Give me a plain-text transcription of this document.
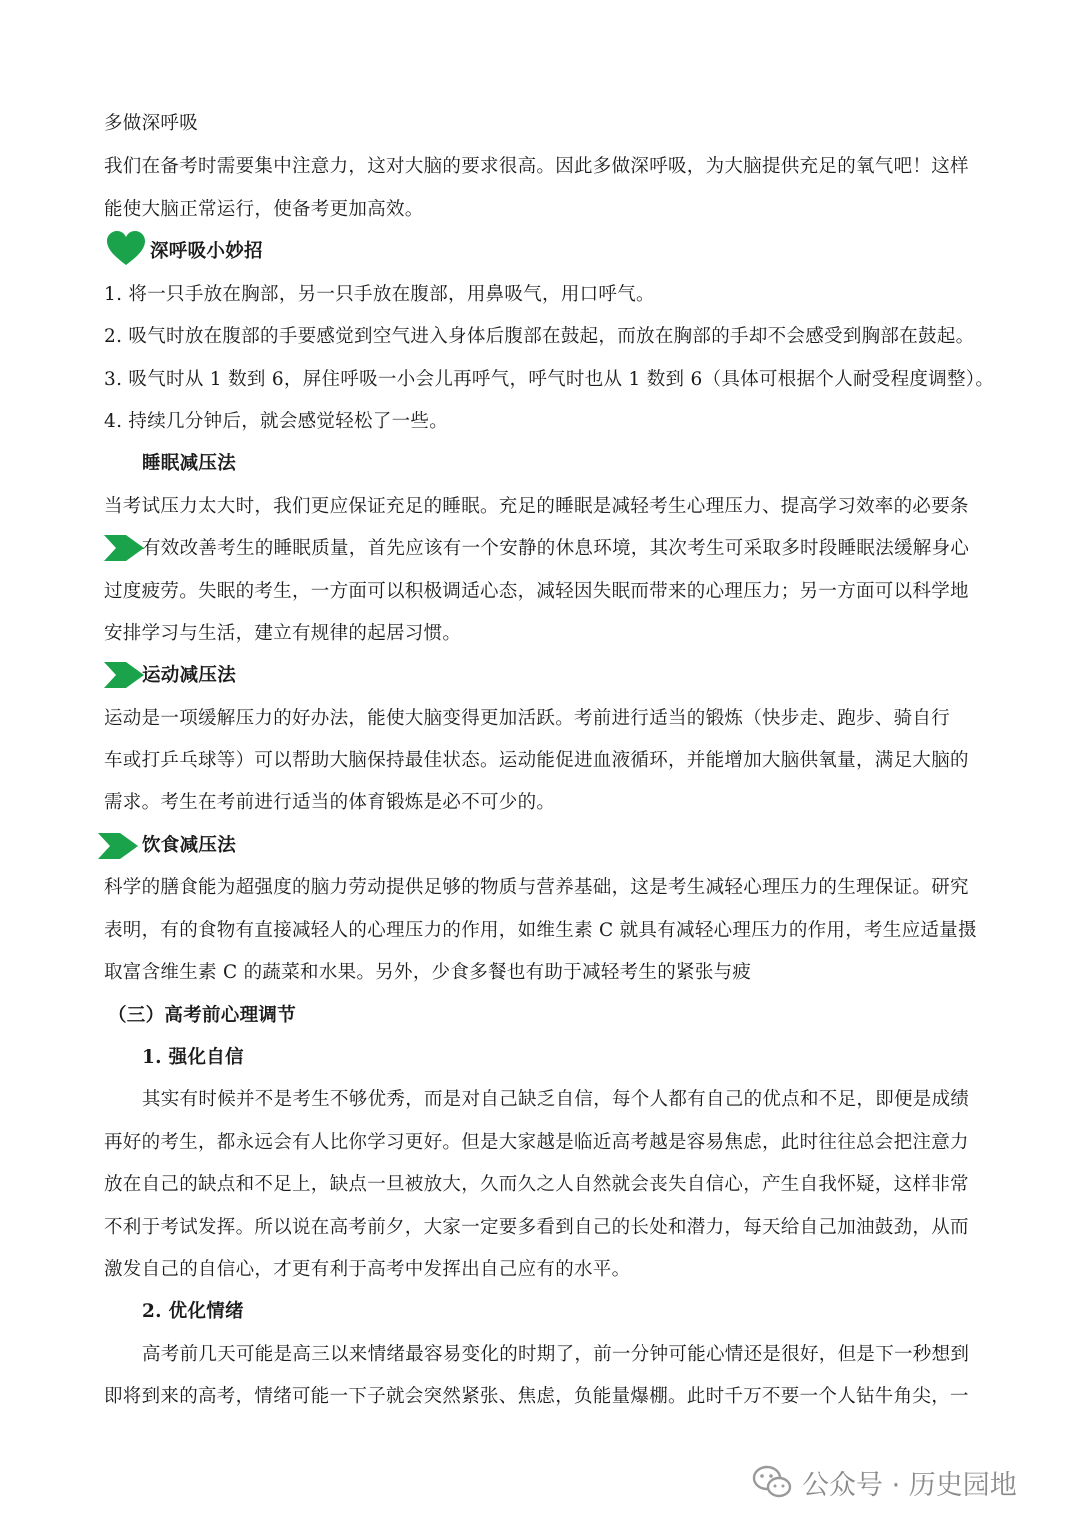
多做深呼吸
我们在备考时需要集中注意力，这对大脑的要求很高。因此多做深呼吸，为大脑提供充足的氧气吧！这样
能使大脑正常运行，使备考更加高效。
深呼吸小妙招
1. 将一只手放在胸部，另一只手放在腹部，用鼻吸气，用口呼气。
2. 吸气时放在腹部的手要感觉到空气进入身体后腹部在鼓起，而放在胸部的手却不会感受到胸部在鼓起。
3. 吸气时从 1 数到 6，屏住呼吸一小会儿再呼气，呼气时也从 1 数到 6（具体可根据个人耐受程度调整）。
4. 持续几分钟后，就会感觉轻松了一些。
睡眠减压法
当考试压力太大时，我们更应保证充足的睡眠。充足的睡眠是减轻考生心理压力、提高学习效率的必要条
有效改善考生的睡眠质量，首先应该有一个安静的休息环境，其次考生可采取多时段睡眠法缓解身心
过度疲劳。失眠的考生，一方面可以积极调适心态，减轻因失眠而带来的心理压力；另一方面可以科学地
安排学习与生活，建立有规律的起居习惯。
运动减压法
运动是一项缓解压力的好办法，能使大脑变得更加活跃。考前进行适当的锻炼（快步走、跑步、骑自行
车或打乒乓球等）可以帮助大脑保持最佳状态。运动能促进血液循环，并能增加大脑供氧量，满足大脑的
需求。考生在考前进行适当的体育锻炼是必不可少的。
饮食减压法
科学的膳食能为超强度的脑力劳动提供足够的物质与营养基础，这是考生减轻心理压力的生理保证。研究
表明，有的食物有直接减轻人的心理压力的作用，如维生素 C 就具有减轻心理压力的作用，考生应适量摄
取富含维生素 C 的蔬菜和水果。另外，少食多餐也有助于减轻考生的紧张与疲
（三）高考前心理调节
1. 强化自信
其实有时候并不是考生不够优秀，而是对自己缺乏自信，每个人都有自己的优点和不足，即便是成绩
再好的考生，都永远会有人比你学习更好。但是大家越是临近高考越是容易焦虑，此时往往总会把注意力
放在自己的缺点和不足上，缺点一旦被放大，久而久之人自然就会丧失自信心，产生自我怀疑，这样非常
不利于考试发挥。所以说在高考前夕，大家一定要多看到自己的长处和潜力，每天给自己加油鼓劲，从而
激发自己的自信心，才更有利于高考中发挥出自己应有的水平。
2. 优化情绪
高考前几天可能是高三以来情绪最容易变化的时期了，前一分钟可能心情还是很好，但是下一秒想到
即将到来的高考，情绪可能一下子就会突然紧张、焦虑，负能量爆棚。此时千万不要一个人钻牛角尖，一
公众号 · 历史园地
